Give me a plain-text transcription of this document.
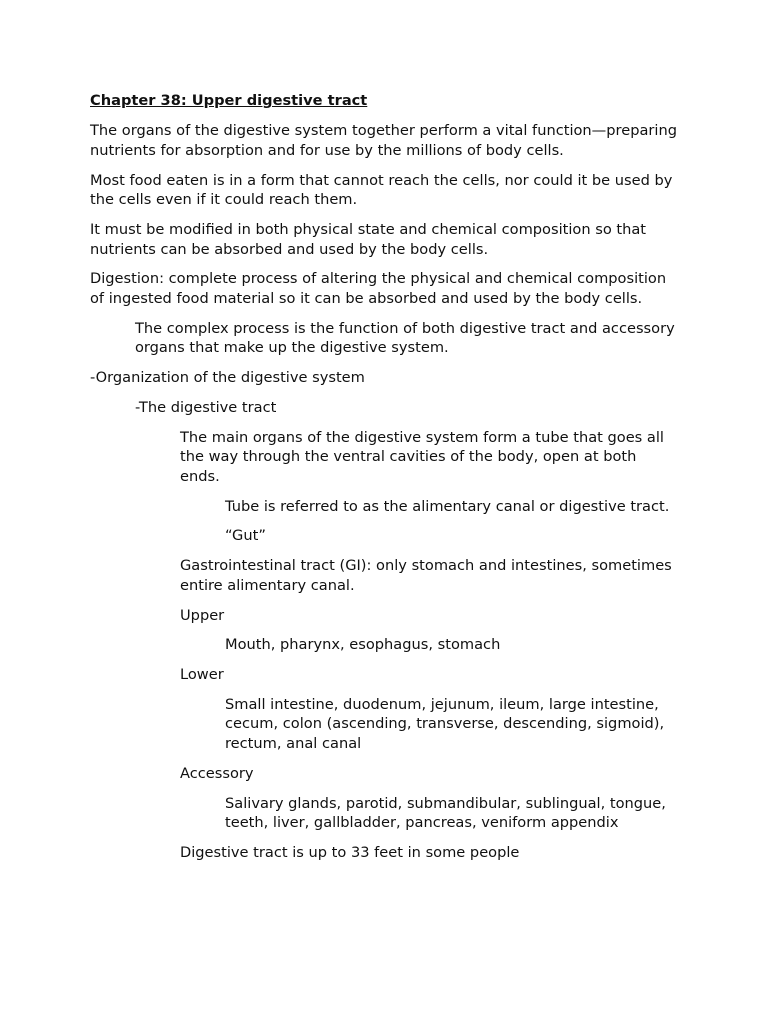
Chapter 38: Upper digestive tract
The organs of the digestive system together perform a vital function—preparing nutrients for absorption and for use by the millions of body cells.
Most food eaten is in a form that cannot reach the cells, nor could it be used by the cells even if it could reach them.
It must be modified in both physical state and chemical composition so that nutrients can be absorbed and used by the body cells.
Digestion: complete process of altering the physical and chemical composition of ingested food material so it can be absorbed and used by the body cells.
The complex process is the function of both digestive tract and accessory organs that make up the digestive system.
-Organization of the digestive system
-The digestive tract
The main organs of the digestive system form a tube that goes all the way through the ventral cavities of the body, open at both ends.
Tube is referred to as the alimentary canal or digestive tract.
“Gut”
Gastrointestinal tract (GI): only stomach and intestines, sometimes entire alimentary canal.
Upper
Mouth, pharynx, esophagus, stomach
Lower
Small intestine, duodenum, jejunum, ileum, large intestine, cecum, colon (ascending, transverse, descending, sigmoid), rectum, anal canal
Accessory
Salivary glands, parotid, submandibular, sublingual, tongue, teeth, liver, gallbladder, pancreas, veniform appendix
Digestive tract is up to 33 feet in some people
